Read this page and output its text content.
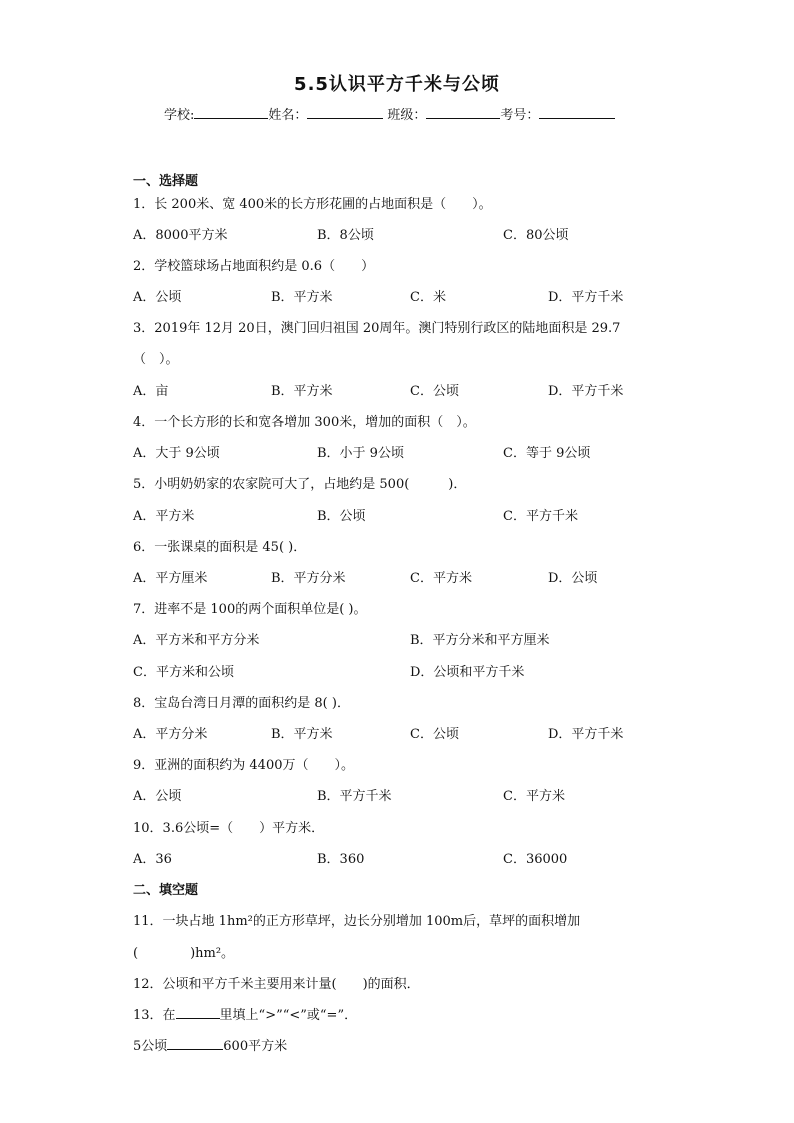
5.5认识平方千米与公顷
学校:	姓名：	班级：	考号：
一、选择题
1．长 200米、宽 400米的长方形花圃的占地面积是（　　）。
A．8000平方米	B．8公顷	C．80公顷
2．学校篮球场占地面积约是 0.6（　　）
A．公顷	B．平方米	C．米	D．平方千米
3．2019年 12月 20日，澳门回归祖国 20周年。澳门特别行政区的陆地面积是 29.7
（　）。
A．亩	B．平方米	C．公顷	D．平方千米
4．一个长方形的长和宽各增加 300米，增加的面积（　）。
A．大于 9公顷	B．小于 9公顷	C．等于 9公顷
5．小明奶奶家的农家院可大了，占地约是 500(　　　)．
A．平方米	B．公顷	C．平方千米
6．一张课桌的面积是 45( )．
A．平方厘米	B．平方分米	C．平方米	D．公顷
7．进率不是 100的两个面积单位是( )。
A．平方米和平方分米	B．平方分米和平方厘米
C．平方米和公顷	D．公顷和平方千米
8．宝岛台湾日月潭的面积约是 8( )．
A．平方分米	B．平方米	C．公顷	D．平方千米
9．亚洲的面积约为 4400万（　　）。
A．公顷	B．平方千米	C．平方米
10．3.6公顷=（　　）平方米．
A．36	B．360	C．36000
二、填空题
11．一块占地 1hm²的正方形草坪，边长分别增加 100m后，草坪的面积增加
(　　　　)hm²。
12．公顷和平方千米主要用来计量(　　)的面积．
13．在	里填上“>”“<”或“=”．
5公顷	600平方米
